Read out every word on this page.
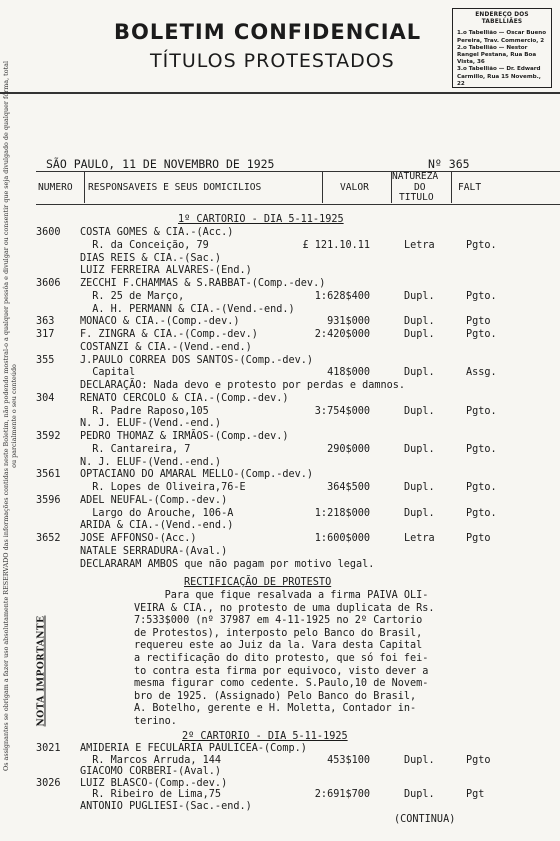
BOLETIM CONFIDENCIAL
TÍTULOS PROTESTADOS
ENDEREÇO DOS TABELLIÃES
1.o Tabellião — Oscar Bueno Pereira, Trav. Commercio, 2
2.o Tabellião — Nestor Rangel Pestana, Rua Boa Vista, 36
3.o Tabellião — Dr. Edward Carmillo, Rua 15 Novemb., 22
Os assignantes se obrigam a fazer uso absolutamente RESERVADO das informações contidas neste Boletim, não podendo mostral-o a qualquer pessôa e divulgar ou consentir que seja divulgado de qualquer fórma, total ou parcialmente o seu conteúdo
NOTA IMPORTANTE
SÃO PAULO, 11 DE NOVEMBRO DE 1925	Nº 365
NUMERO RESPONSAVEIS E SEUS DOMICILIOS	VALOR
NATUREZA
DO
TITULO
FALT
1º CARTORIO - DIA 5-11-1925
3600 COSTA GOMES & CIA.-(Acc.)
R. da Conceição, 79	£ 121.10.11	Letra	Pgto.
DIAS REIS & CIA.-(Sac.)
LUIZ FERREIRA ALVARES-(End.)
3606 ZECCHI F.CHAMMAS & S.RABBAT-(Comp.-dev.)
R. 25 de Março,	1:628$400	Dupl.	Pgto.
A. H. PERMANN & CIA.-(Vend.-end.)
363	MONACO & CIA.-(Comp.-dev.)	931$000	Dupl.	Pgto
317	F. ZINGRA & CIA.-(Comp.-dev.)	2:420$000	Dupl.	Pgto.
COSTANZI & CIA.-(Vend.-end.)
355	J.PAULO CORREA DOS SANTOS-(Comp.-dev.)
Capital	418$000	Dupl.	Assg.
DECLARAÇÃO: Nada devo e protesto por perdas e damnos.
304	RENATO CERCOLO & CIA.-(Comp.-dev.)
R. Padre Raposo,105	3:754$000	Dupl.	Pgto.
N. J. ELUF-(Vend.-end.)
3592 PEDRO THOMAZ & IRMÃOS-(Comp.-dev.)
R. Cantareira, 7	290$000	Dupl.	Pgto.
N. J. ELUF-(Vend.-end.)
3561 OPTACIANO DO AMARAL MELLO-(Comp.-dev.)
R. Lopes de Oliveira,76-E	364$500	Dupl.	Pgto.
3596 ADEL NEUFAL-(Comp.-dev.)
Largo do Arouche, 106-A	1:218$000	Dupl.	Pgto.
ARIDA & CIA.-(Vend.-end.)
3652 JOSE AFFONSO-(Acc.)	1:600$000	Letra	Pgto
NATALE SERRADURA-(Aval.)
DECLARARAM AMBOS que não pagam por motivo legal.
RECTIFICAÇÃO DE PROTESTO
Para que fique resalvada a firma PAIVA OLI-
VEIRA & CIA., no protesto de uma duplicata de Rs.
7:533$000 (nº 37987 em 4-11-1925 no 2º Cartorio
de Protestos), interposto pelo Banco do Brasil,
requereu este ao Juiz da la. Vara desta Capital
a rectificação do dito protesto, que só foi fei-
to contra esta firma por equivoco, visto dever a
mesma figurar como cedente. S.Paulo,10 de Novem-
bro de 1925. (Assignado) Pelo Banco do Brasil,
A. Botelho, gerente e H. Moletta, Contador in-
terino.
2º CARTORIO - DIA 5-11-1925
3021 AMIDERIA E FECULARIA PAULICEA-(Comp.)
R. Marcos Arruda, 144	453$100	Dupl.	Pgto
GIACOMO CORBERI-(Aval.)
3026 LUIZ BLASCO-(Comp.-dev.)
R. Ribeiro de Lima,75	2:691$700	Dupl.	Pgt
ANTONIO PUGLIESI-(Sac.-end.)
(CONTINUA)
